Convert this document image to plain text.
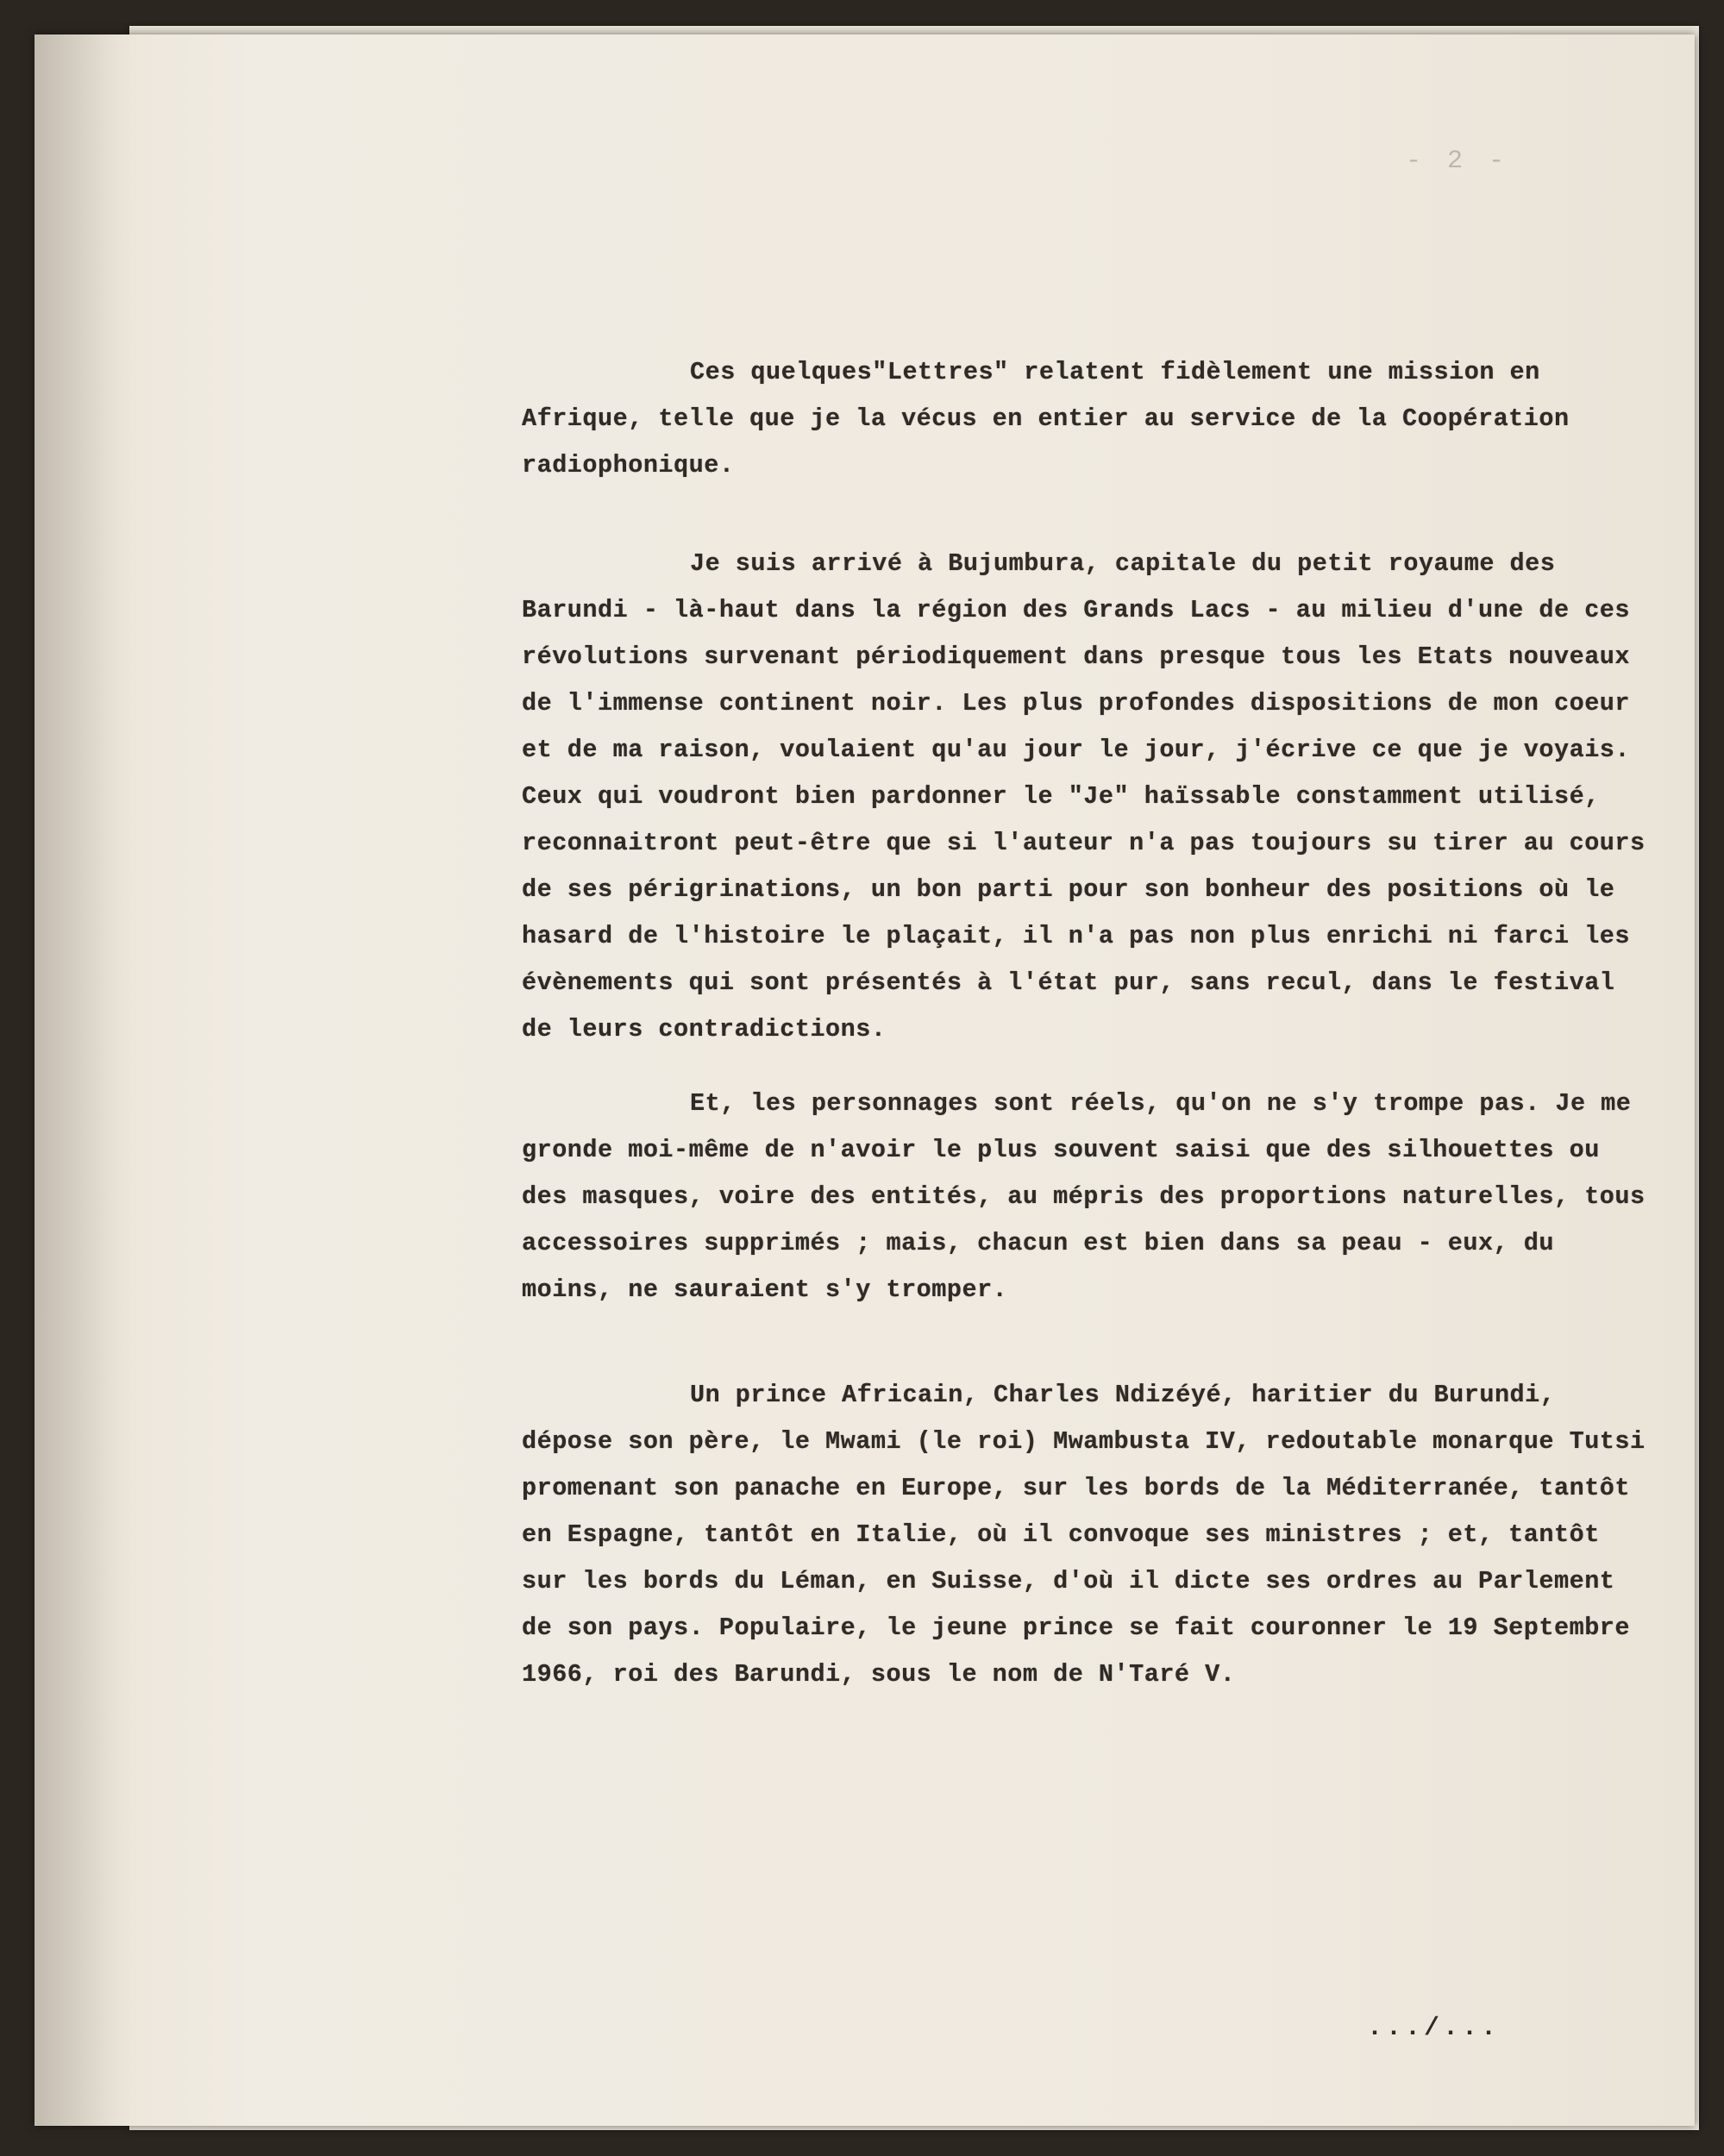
- 2 -

Ces quelques"Lettres" relatent fidèlement une mission en Afrique, telle que je la vécus en entier au service de la Coopération radiophonique.

Je suis arrivé à Bujumbura, capitale du petit royaume des Barundi - là-haut dans la région des Grands Lacs - au milieu d'une de ces révolutions survenant périodiquement dans presque tous les Etats nouveaux de l'immense continent noir. Les plus profondes dispositions de mon coeur et de ma raison, voulaient qu'au jour le jour, j'écrive ce que je voyais. Ceux qui voudront bien pardonner le "Je" haïssable constamment utilisé, reconnaitront peut-être que si l'auteur n'a pas toujours su tirer au cours de ses périgrinations, un bon parti pour son bonheur des positions où le hasard de l'histoire le plaçait, il n'a pas non plus enrichi ni farci les évènements qui sont présentés à l'état pur, sans recul, dans le festival de leurs contradictions.

Et, les personnages sont réels, qu'on ne s'y trompe pas. Je me gronde moi-même de n'avoir le plus souvent saisi que des silhouettes ou des masques, voire des entités, au mépris des proportions naturelles, tous accessoires supprimés ; mais, chacun est bien dans sa peau - eux, du moins, ne sauraient s'y tromper.

Un prince Africain, Charles Ndizéyé, haritier du Burundi, dépose son père, le Mwami (le roi) Mwambusta IV, redoutable monarque Tutsi promenant son panache en Europe, sur les bords de la Méditerranée, tantôt en Espagne, tantôt en Italie, où il convoque ses ministres ; et, tantôt sur les bords du Léman, en Suisse, d'où il dicte ses ordres au Parlement de son pays. Populaire, le jeune prince se fait couronner le 19 Septembre 1966, roi des Barundi, sous le nom de N'Taré V.

.../...
